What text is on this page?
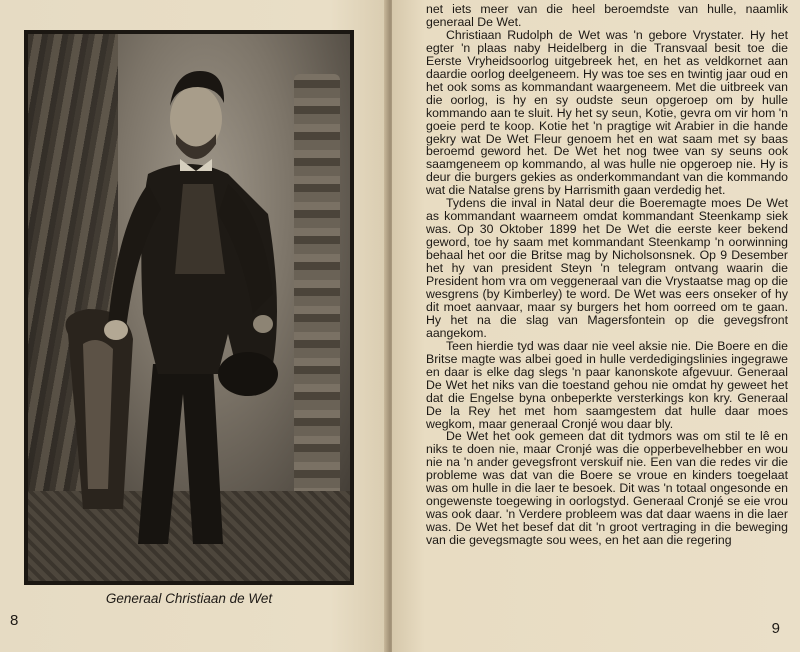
Generaal Christiaan de Wet
8

net iets meer van die heel beroemdste van hulle, naamlik generaal De Wet.

Christiaan Rudolph de Wet was 'n gebore Vrystater. Hy het egter 'n plaas naby Heidelberg in die Transvaal besit toe die Eerste Vryheidsoorlog uitgebreek het, en het as veldkornet aan daardie oorlog deelgeneem. Hy was toe ses en twintig jaar oud en het ook soms as kommandant waargeneem. Met die uitbreek van die oorlog, is hy en sy oudste seun opgeroep om by hulle kommando aan te sluit. Hy het sy seun, Kotie, gevra om vir hom 'n goeie perd te koop. Kotie het 'n pragtige wit Arabier in die hande gekry wat De Wet Fleur genoem het en wat saam met sy baas beroemd geword het. De Wet het nog twee van sy seuns ook saamgeneem op kommando, al was hulle nie opgeroep nie. Hy is deur die burgers gekies as onderkommandant van die kommando wat die Natalse grens by Harrismith gaan verdedig het.

Tydens die inval in Natal deur die Boeremagte moes De Wet as kommandant waarneem omdat kommandant Steenkamp siek was. Op 30 Oktober 1899 het De Wet die eerste keer bekend geword, toe hy saam met kommandant Steenkamp 'n oorwinning behaal het oor die Britse mag by Nicholsonsnek. Op 9 Desember het hy van president Steyn 'n telegram ontvang waarin die President hom vra om veggeneraal van die Vrystaatse mag op die wesgrens (by Kimberley) te word. De Wet was eers onseker of hy dit moet aanvaar, maar sy burgers het hom oorreed om te gaan. Hy het na die slag van Magersfontein op die gevegsfront aangekom.

Teen hierdie tyd was daar nie veel aksie nie. Die Boere en die Britse magte was albei goed in hulle verdedigingslinies ingegrawe en daar is elke dag slegs 'n paar kanonskote afgevuur. Generaal De Wet het niks van die toestand gehou nie omdat hy geweet het dat die Engelse byna onbeperkte versterkings kon kry. Generaal De la Rey het met hom saamgestem dat hulle daar moes wegkom, maar generaal Cronjé wou daar bly.

De Wet het ook gemeen dat dit tydmors was om stil te lê en niks te doen nie, maar Cronjé was die opperbevelhebber en wou nie na 'n ander gevegsfront verskuif nie. Een van die redes vir die probleme was dat van die Boere se vroue en kinders toegelaat was om hulle in die laer te besoek. Dit was 'n totaal ongesonde en ongewenste toegewing in oorlogstyd. Generaal Cronjé se eie vrou was ook daar. 'n Verdere probleem was dat daar waens in die laer was. De Wet het besef dat dit 'n groot vertraging in die beweging van die gevegsmagte sou wees, en het aan die regering

9
